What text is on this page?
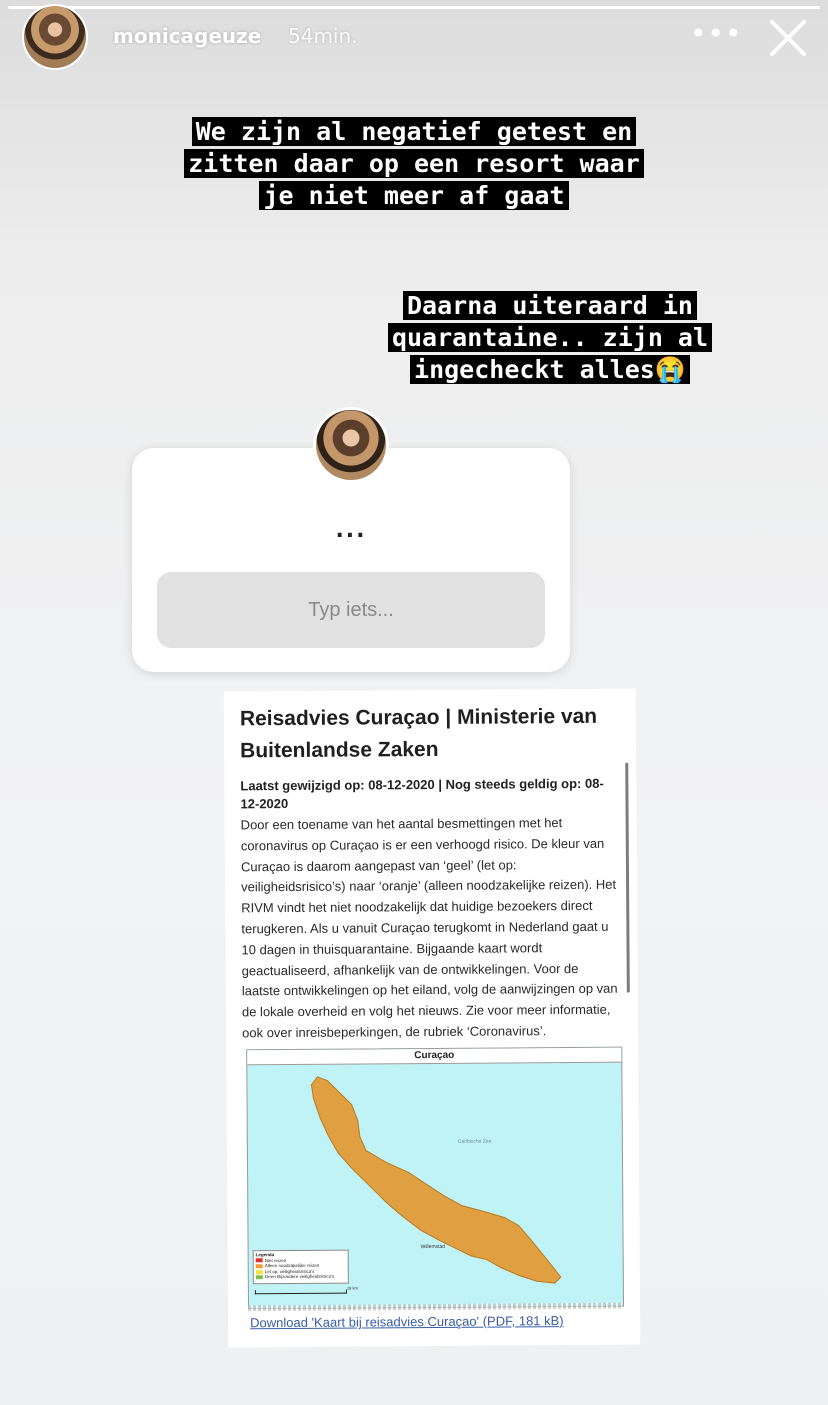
monicageuze 54min.	•••
We zijn al negatief getest en zitten daar op een resort waar je niet meer af gaat
Daarna uiteraard in quarantaine.. zijn al ingecheckt alles😭
...
Typ iets...
Reisadvies Curaçao | Ministerie van Buitenlandse Zaken
Laatst gewijzigd op: 08-12-2020 | Nog steeds geldig op: 08-12-2020
Door een toename van het aantal besmettingen met het coronavirus op Curaçao is er een verhoogd risico. De kleur van Curaçao is daarom aangepast van ‘geel’ (let op: veiligheidsrisico’s) naar ‘oranje’ (alleen noodzakelijke reizen). Het RIVM vindt het niet noodzakelijk dat huidige bezoekers direct terugkeren. Als u vanuit Curaçao terugkomt in Nederland gaat u 10 dagen in thuisquarantaine. Bijgaande kaart wordt geactualiseerd, afhankelijk van de ontwikkelingen. Voor de laatste ontwikkelingen op het eiland, volg de aanwijzingen op van de lokale overheid en volg het nieuws. Zie voor meer informatie, ook over inreisbeperkingen, de rubriek ‘Coronavirus’.
Curaçao
Caribische Zee
Willemstad
Legenda
Niet reizen
Alleen noodzakelijke reizen
Let op, veiligheidsrisico's
Geen Bijzondere veiligheidsrisico's
18 km
Download 'Kaart bij reisadvies Curaçao' (PDF, 181 kB)
